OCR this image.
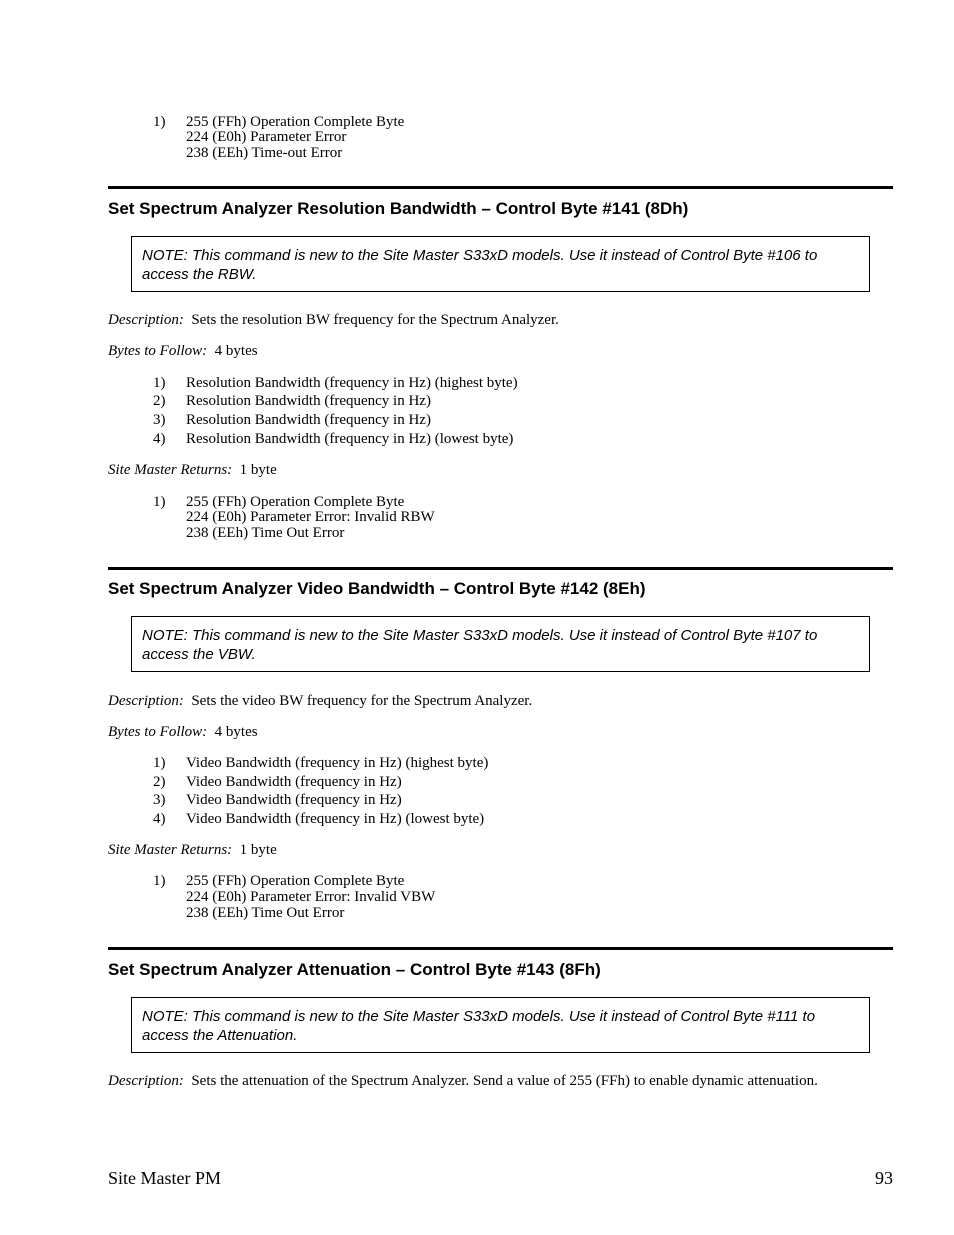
1)	255 (FFh) Operation Complete Byte
224 (E0h) Parameter Error
238 (EEh) Time-out Error
Set Spectrum Analyzer Resolution Bandwidth – Control Byte #141 (8Dh)
NOTE: This command is new to the Site Master S33xD models. Use it instead of Control Byte #106 to access the RBW.
Description: Sets the resolution BW frequency for the Spectrum Analyzer.
Bytes to Follow: 4 bytes
1)	Resolution Bandwidth (frequency in Hz) (highest byte)
2)	Resolution Bandwidth (frequency in Hz)
3)	Resolution Bandwidth (frequency in Hz)
4)	Resolution Bandwidth (frequency in Hz) (lowest byte)
Site Master Returns: 1 byte
1)	255 (FFh) Operation Complete Byte
224 (E0h) Parameter Error: Invalid RBW
238 (EEh) Time Out Error
Set Spectrum Analyzer Video Bandwidth – Control Byte #142 (8Eh)
NOTE: This command is new to the Site Master S33xD models. Use it instead of Control Byte #107 to access the VBW.
Description: Sets the video BW frequency for the Spectrum Analyzer.
Bytes to Follow: 4 bytes
1)	Video Bandwidth (frequency in Hz) (highest byte)
2)	Video Bandwidth (frequency in Hz)
3)	Video Bandwidth (frequency in Hz)
4)	Video Bandwidth (frequency in Hz) (lowest byte)
Site Master Returns: 1 byte
1)	255 (FFh) Operation Complete Byte
224 (E0h) Parameter Error: Invalid VBW
238 (EEh) Time Out Error
Set Spectrum Analyzer Attenuation – Control Byte #143 (8Fh)
NOTE: This command is new to the Site Master S33xD models. Use it instead of Control Byte #111 to access the Attenuation.
Description: Sets the attenuation of the Spectrum Analyzer. Send a value of 255 (FFh) to enable dynamic attenuation.
Site Master PM	93
